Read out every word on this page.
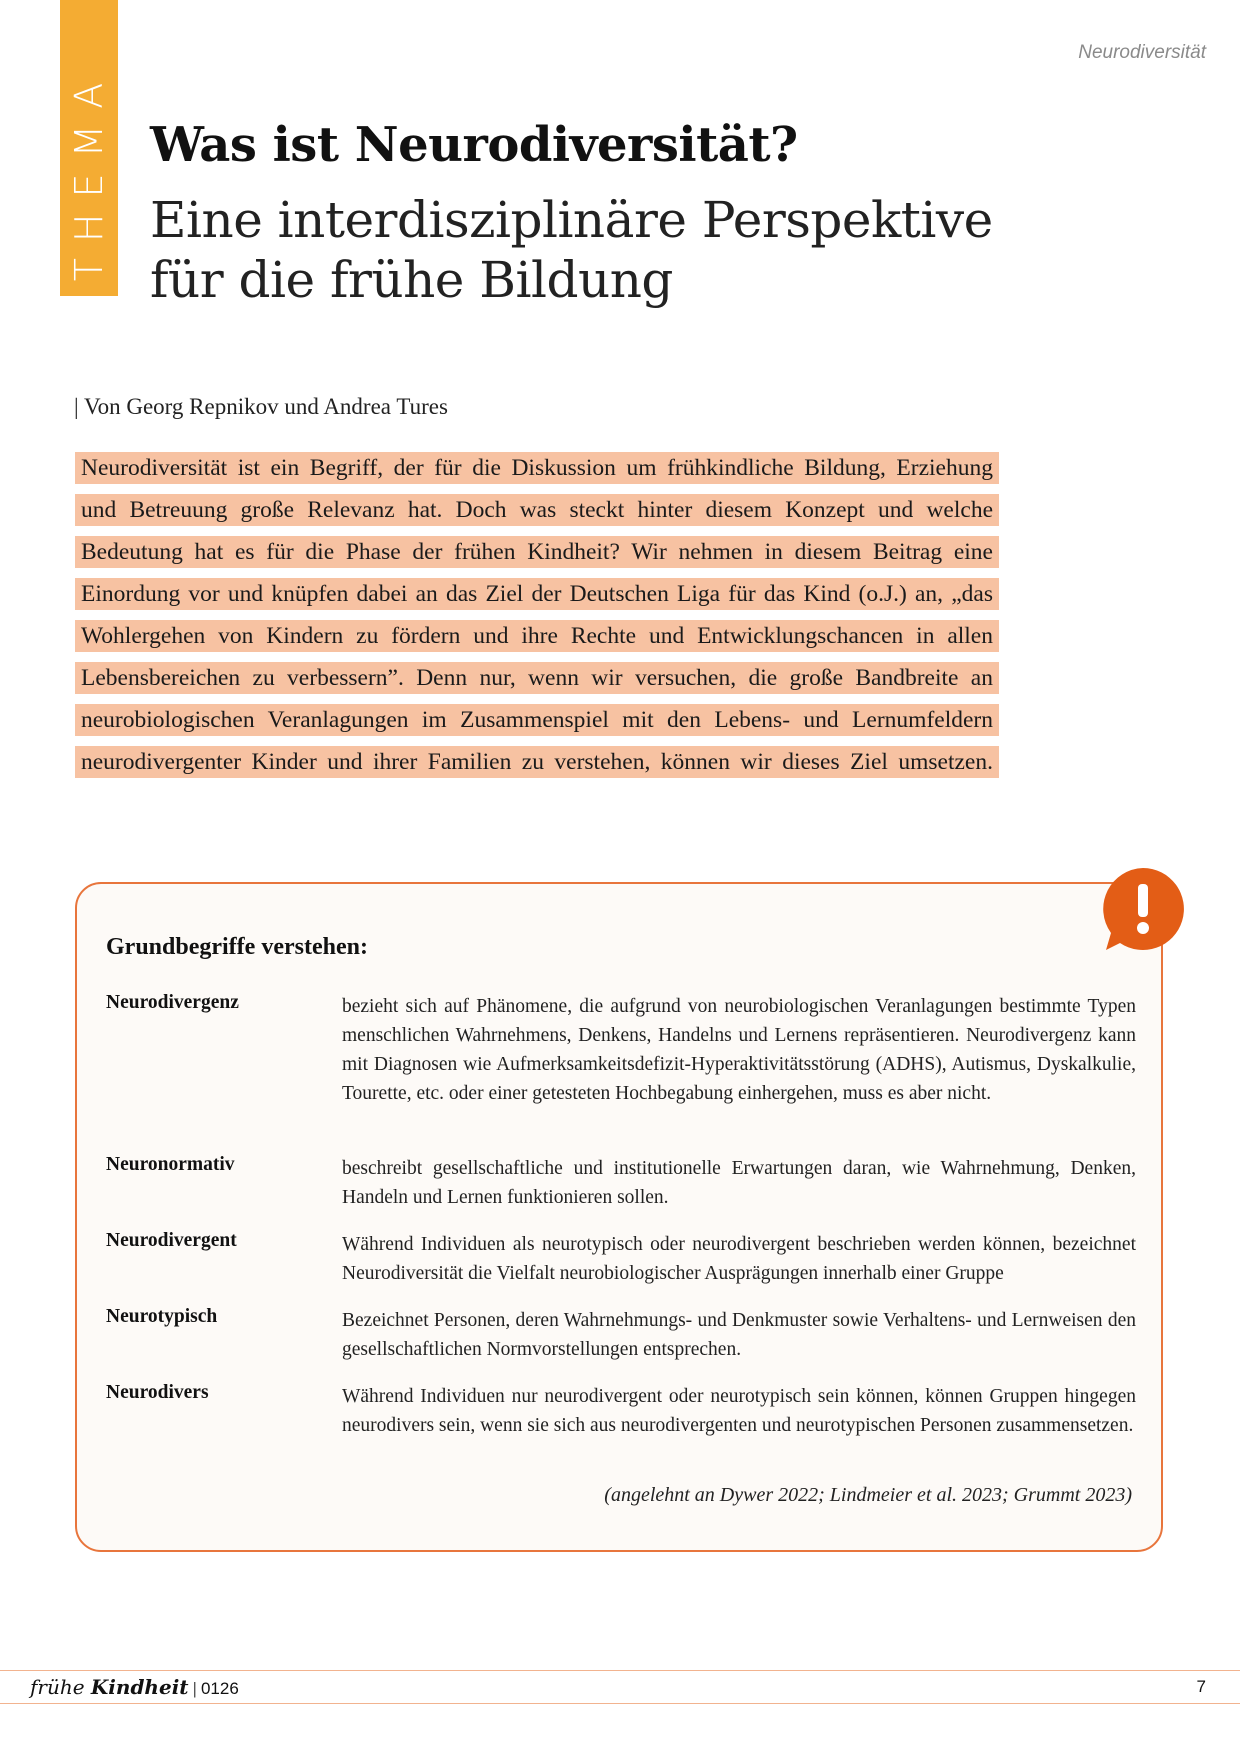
THEMA
Neurodiversität
Was ist Neurodiversität?
Eine interdisziplinäre Perspektive
für die frühe Bildung
| Von Georg Repnikov und Andrea Tures
Neurodiversität ist ein Begriff, der für die Diskussion um frühkindliche Bildung, Erziehung
und Betreuung große Relevanz hat. Doch was steckt hinter diesem Konzept und welche
Bedeutung hat es für die Phase der frühen Kindheit? Wir nehmen in diesem Beitrag eine
Einordung vor und knüpfen dabei an das Ziel der Deutschen Liga für das Kind (o.J.) an, „das
Wohlergehen von Kindern zu fördern und ihre Rechte und Entwicklungschancen in allen
Lebensbereichen zu verbessern”. Denn nur, wenn wir versuchen, die große Bandbreite an
neurobiologischen Veranlagungen im Zusammenspiel mit den Lebens- und Lernumfeldern
neurodivergenter Kinder und ihrer Familien zu verstehen, können wir dieses Ziel umsetzen.
Grundbegriffe verstehen:
Neurodivergenz	bezieht sich auf Phänomene, die aufgrund von neurobiologischen Veranlagungen bestimmte Typen menschlichen Wahrnehmens, Denkens, Handelns und Lernens repräsentieren. Neurodivergenz kann mit Diagnosen wie Aufmerksamkeitsdefizit-Hyperaktivitätsstörung (ADHS), Autismus, Dyskalkulie, Tourette, etc. oder einer getesteten Hochbegabung einhergehen, muss es aber nicht.
Neuronormativ	beschreibt gesellschaftliche und institutionelle Erwartungen daran, wie Wahrnehmung, Denken, Handeln und Lernen funktionieren sollen.
Neurodivergent	Während Individuen als neurotypisch oder neurodivergent beschrieben werden können, bezeichnet Neurodiversität die Vielfalt neurobiologischer Ausprägungen innerhalb einer Gruppe
Neurotypisch	Bezeichnet Personen, deren Wahrnehmungs- und Denkmuster sowie Verhaltens- und Lernweisen den gesellschaftlichen Normvorstellungen entsprechen.
Neurodivers	Während Individuen nur neurodivergent oder neurotypisch sein können, können Gruppen hingegen neurodivers sein, wenn sie sich aus neurodivergenten und neurotypischen Personen zusammensetzen.
(angelehnt an Dywer 2022; Lindmeier et al. 2023; Grummt 2023)
frühe Kindheit | 0126	7
